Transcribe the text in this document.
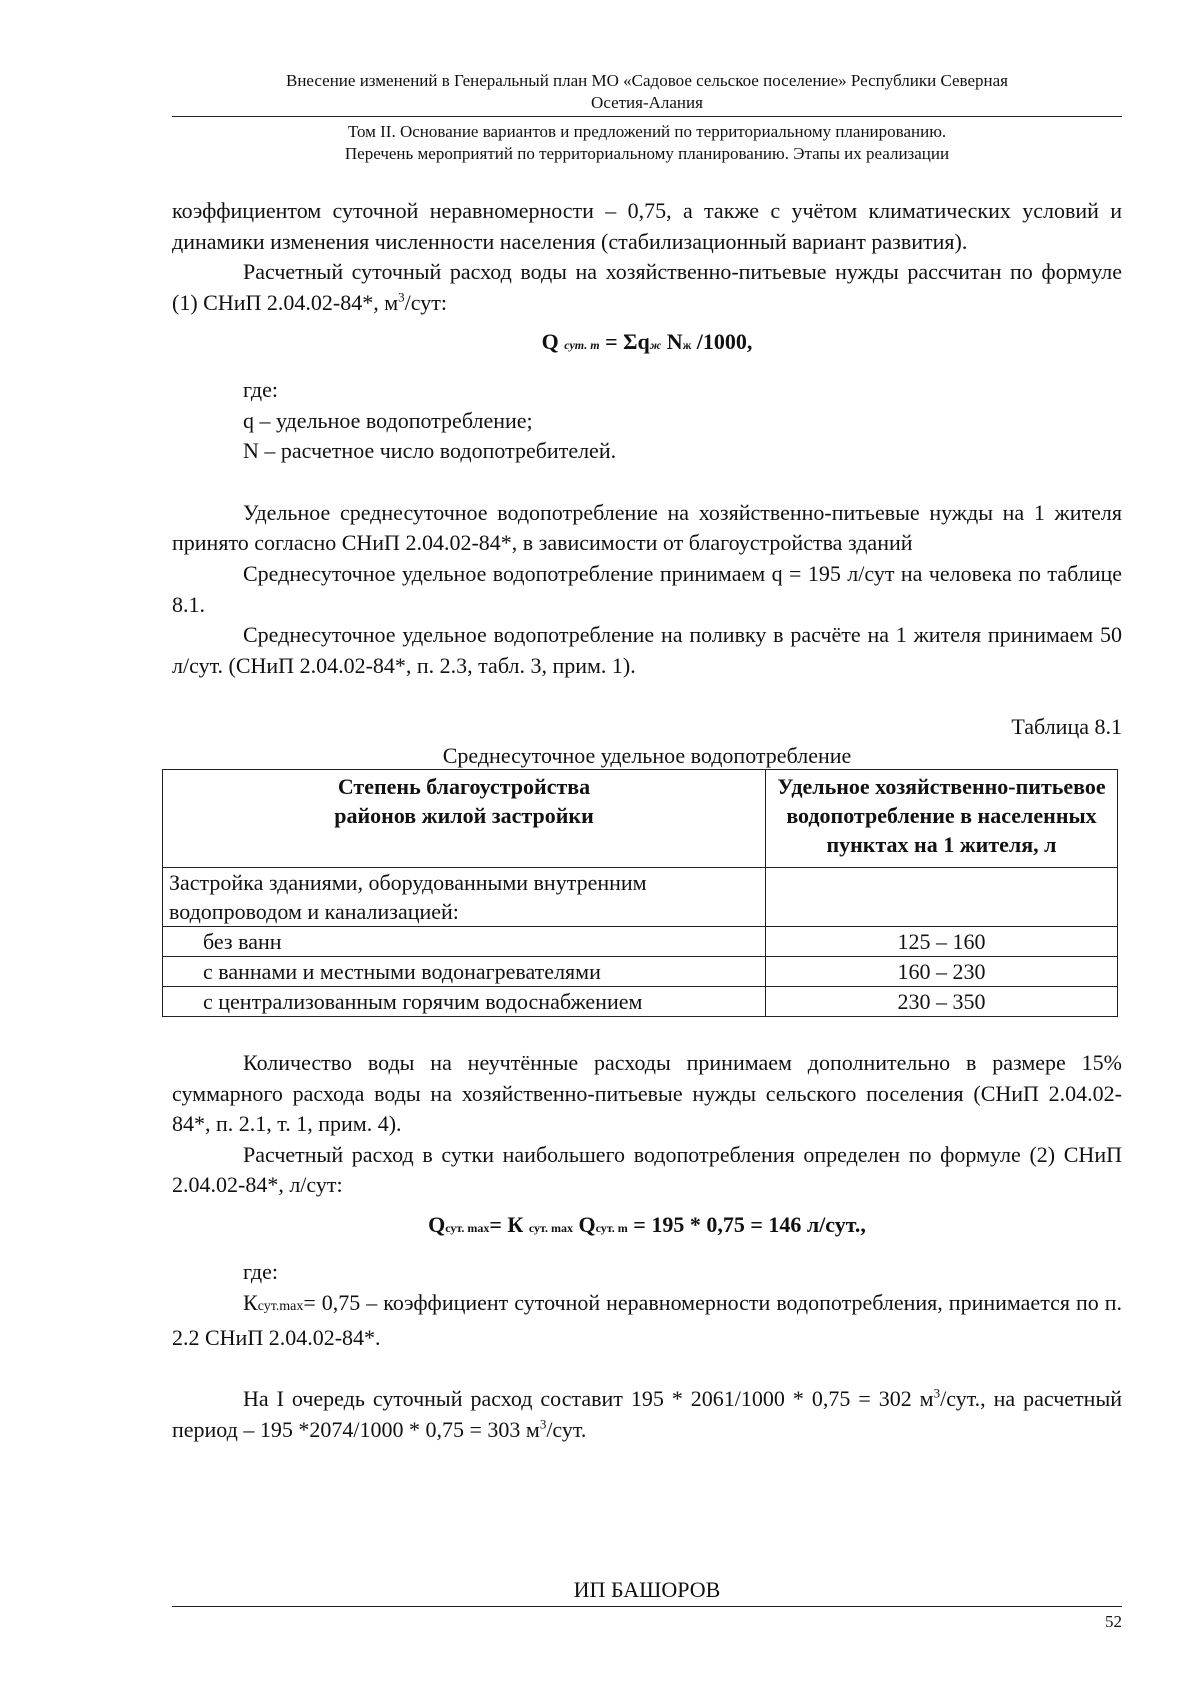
Внесение изменений в Генеральный план МО «Садовое сельское поселение» Республики Северная
Осетия-Алания
Том II. Основание вариантов и предложений по территориальному планированию.
Перечень мероприятий по территориальному планированию. Этапы их реализации

коэффициентом суточной неравномерности – 0,75, а также с учётом климатических условий и динамики изменения численности населения (стабилизационный вариант развития).

Расчетный суточный расход воды на хозяйственно-питьевые нужды рассчитан по формуле (1) СНиП 2.04.02-84*, $м^3$/сут:

Q сут. т = Σqж Nж /1000,

где:

q – удельное водопотребление;

N – расчетное число водопотребителей.

Удельное среднесуточное водопотребление на хозяйственно-питьевые нужды на 1 жителя принято согласно СНиП 2.04.02-84*, в зависимости от благоустройства зданий

Среднесуточное удельное водопотребление принимаем q = 195 л/сут на человека по таблице 8.1.

Среднесуточное удельное водопотребление на поливку в расчёте на 1 жителя принимаем 50 л/сут. (СНиП 2.04.02-84*, п. 2.3, табл. 3, прим. 1).

Таблица 8.1

Среднесуточное удельное водопотребление

Степень благоустройства
районов жилой застройки	Удельное хозяйственно-питьевое водопотребление в населенных пунктах на 1 жителя, л
Застройка зданиями, оборудованными внутренним водопроводом и канализацией:	
без ванн	125 – 160
с ваннами и местными водонагревателями	160 – 230
с централизованным горячим водоснабжением	230 – 350

Количество воды на неучтённые расходы принимаем дополнительно в размере 15% суммарного расхода воды на хозяйственно-питьевые нужды сельского поселения (СНиП 2.04.02-84*, п. 2.1, т. 1, прим. 4).

Расчетный расход в сутки наибольшего водопотребления определен по формуле (2) СНиП 2.04.02-84*, л/сут:

Qсут. max= К сут. max Qсут. m = 195 * 0,75 = 146 л/сут.,

где:

Ксут.max= 0,75 – коэффициент суточной неравномерности водопотребления, принимается по п. 2.2 СНиП 2.04.02-84*.

На I очередь суточный расход составит 195 * 2061/1000 * 0,75 = 302 $м^3$/сут., на расчетный период – 195 *2074/1000 * 0,75 = 303 $м^3$/сут.

ИП БАШОРОВ
52
